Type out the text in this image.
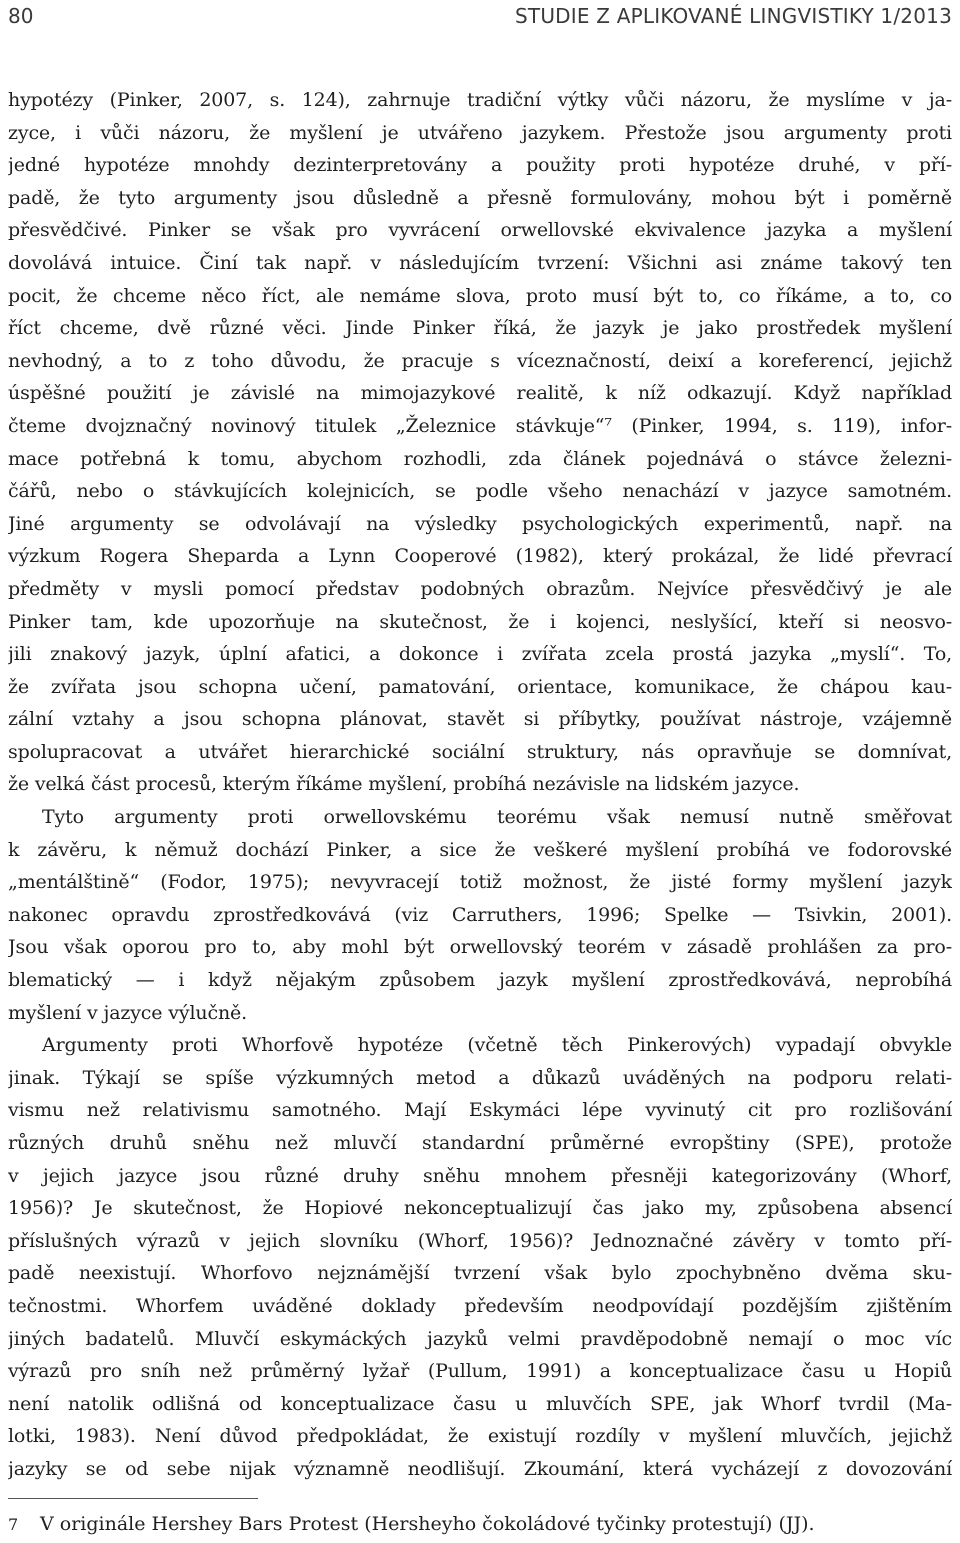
80	STUDIE Z APLIKOVANÉ LINGVISTIKY 1/2013

hypotézy (Pinker, 2007, s. 124), zahrnuje tradiční výtky vůči názoru, že myslíme v ja-
zyce, i vůči názoru, že myšlení je utvářeno jazykem. Přestože jsou argumenty proti
jedné hypotéze mnohdy dezinterpretovány a použity proti hypotéze druhé, v pří-
padě, že tyto argumenty jsou důsledně a přesně formulovány, mohou být i poměrně
přesvědčivé. Pinker se však pro vyvrácení orwellovské ekvivalence jazyka a myšlení
dovolává intuice. Činí tak např. v následujícím tvrzení: Všichni asi známe takový ten
pocit, že chceme něco říct, ale nemáme slova, proto musí být to, co říkáme, a to, co
říct chceme, dvě různé věci. Jinde Pinker říká, že jazyk je jako prostředek myšlení
nevhodný, a to z toho důvodu, že pracuje s víceznačností, deixí a koreferencí, jejichž
úspěšné použití je závislé na mimojazykové realitě, k níž odkazují. Když například
čteme dvojznačný novinový titulek „Železnice stávkuje“⁷ (Pinker, 1994, s. 119), infor-
mace potřebná k tomu, abychom rozhodli, zda článek pojednává o stávce železni-
čářů, nebo o stávkujících kolejnicích, se podle všeho nenachází v jazyce samotném.
Jiné argumenty se odvolávají na výsledky psychologických experimentů, např. na
výzkum Rogera Sheparda a Lynn Cooperové (1982), který prokázal, že lidé převrací
předměty v mysli pomocí představ podobných obrazům. Nejvíce přesvědčivý je ale
Pinker tam, kde upozorňuje na skutečnost, že i kojenci, neslyšící, kteří si neosvo-
jili znakový jazyk, úplní afatici, a dokonce i zvířata zcela prostá jazyka „myslí“. To,
že zvířata jsou schopna učení, pamatování, orientace, komunikace, že chápou kau-
zální vztahy a jsou schopna plánovat, stavět si příbytky, používat nástroje, vzájemně
spolupracovat a utvářet hierarchické sociální struktury, nás opravňuje se domnívat,
že velká část procesů, kterým říkáme myšlení, probíhá nezávisle na lidském jazyce.

Tyto argumenty proti orwellovskému teorému však nemusí nutně směřovat
k závěru, k němuž dochází Pinker, a sice že veškeré myšlení probíhá ve fodorovské
„mentálštině“ (Fodor, 1975); nevyvracejí totiž možnost, že jisté formy myšlení jazyk
nakonec opravdu zprostředkovává (viz Carruthers, 1996; Spelke — Tsivkin, 2001).
Jsou však oporou pro to, aby mohl být orwellovský teorém v zásadě prohlášen za pro-
blematický — i když nějakým způsobem jazyk myšlení zprostředkovává, neprobíhá
myšlení v jazyce výlučně.

Argumenty proti Whorfově hypotéze (včetně těch Pinkerových) vypadají obvykle
jinak. Týkají se spíše výzkumných metod a důkazů uváděných na podporu relati-
vismu než relativismu samotného. Mají Eskymáci lépe vyvinutý cit pro rozlišování
různých druhů sněhu než mluvčí standardní průměrné evropštiny (SPE), protože
v jejich jazyce jsou různé druhy sněhu mnohem přesněji kategorizovány (Whorf,
1956)? Je skutečnost, že Hopiové nekonceptualizují čas jako my, způsobena absencí
příslušných výrazů v jejich slovníku (Whorf, 1956)? Jednoznačné závěry v tomto pří-
padě neexistují. Whorfovo nejznámější tvrzení však bylo zpochybněno dvěma sku-
tečnostmi. Whorfem uváděné doklady především neodpovídají pozdějším zjištěním
jiných badatelů. Mluvčí eskymáckých jazyků velmi pravděpodobně nemají o moc víc
výrazů pro sníh než průměrný lyžař (Pullum, 1991) a konceptualizace času u Hopiů
není natolik odlišná od konceptualizace času u mluvčích SPE, jak Whorf tvrdil (Ma-
lotki, 1983). Není důvod předpokládat, že existují rozdíly v myšlení mluvčích, jejichž
jazyky se od sebe nijak významně neodlišují. Zkoumání, která vycházejí z dovozování

7 V originále Hershey Bars Protest (Hersheyho čokoládové tyčinky protestují) (JJ).
